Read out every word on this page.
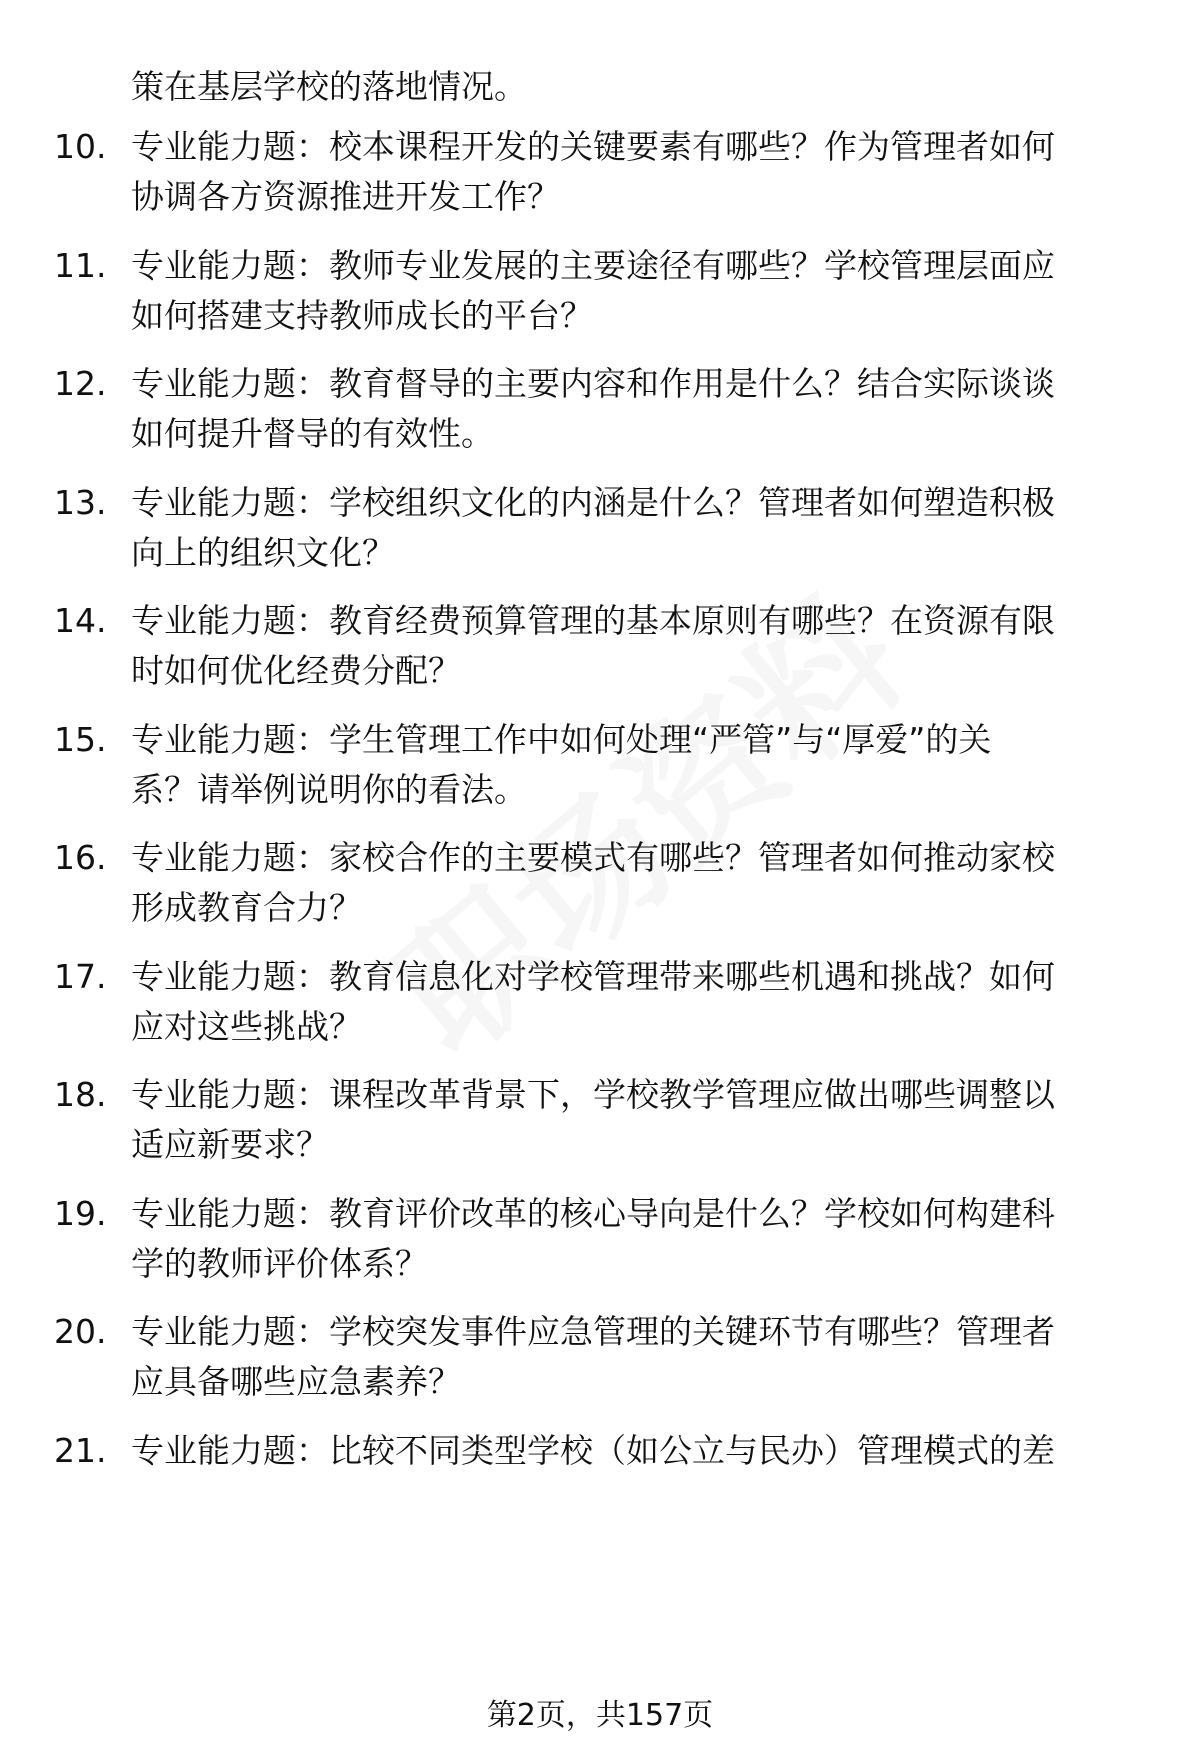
策在基层学校的落地情况。
10. 专业能力题：校本课程开发的关键要素有哪些？作为管理者如何
协调各方资源推进开发工作？
11. 专业能力题：教师专业发展的主要途径有哪些？学校管理层面应
如何搭建支持教师成长的平台？
12. 专业能力题：教育督导的主要内容和作用是什么？结合实际谈谈
如何提升督导的有效性。
13. 专业能力题：学校组织文化的内涵是什么？管理者如何塑造积极
向上的组织文化？
14. 专业能力题：教育经费预算管理的基本原则有哪些？在资源有限
时如何优化经费分配？
15. 专业能力题：学生管理工作中如何处理“严管”与“厚爱”的关
系？请举例说明你的看法。
16. 专业能力题：家校合作的主要模式有哪些？管理者如何推动家校
形成教育合力？
17. 专业能力题：教育信息化对学校管理带来哪些机遇和挑战？如何
应对这些挑战？
18. 专业能力题：课程改革背景下，学校教学管理应做出哪些调整以
适应新要求？
19. 专业能力题：教育评价改革的核心导向是什么？学校如何构建科
学的教师评价体系？
20. 专业能力题：学校突发事件应急管理的关键环节有哪些？管理者
应具备哪些应急素养？
21. 专业能力题：比较不同类型学校（如公立与民办）管理模式的差
第2页，共157页
